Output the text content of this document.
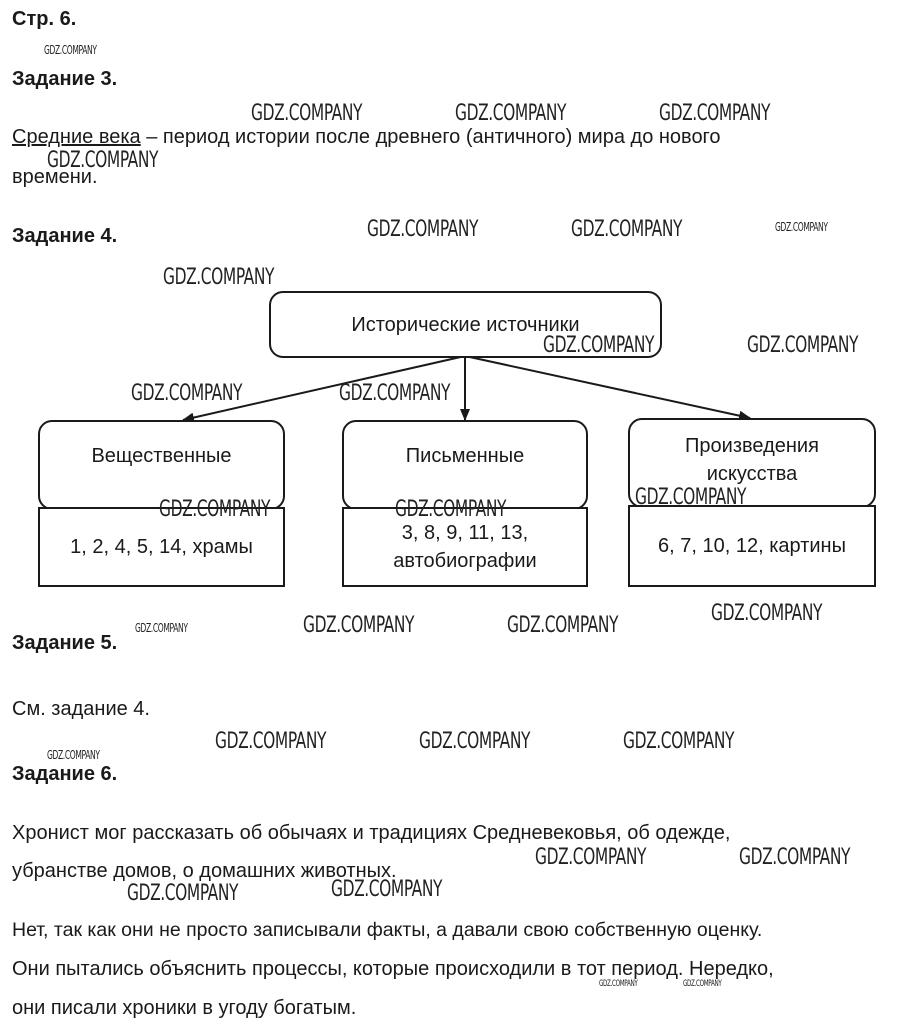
Стр. 6.
Задание 3.
Средние века – период истории после древнего (античного) мира до нового
времени.
Задание 4.
Исторические источники
Вещественные
1, 2, 4, 5, 14, храмы
Письменные
3, 8, 9, 11, 13,
автобиографии
Произведения
искусства
6, 7, 10, 12, картины
Задание 5.
См. задание 4.
Задание 6.
Хронист мог рассказать об обычаях и традициях Средневековья, об одежде,
убранстве домов, о домашних животных.
Нет, так как они не просто записывали факты, а давали свою собственную оценку.
Они пытались объяснить процессы, которые происходили в тот период. Нередко,
они писали хроники в угоду богатым.
GDZ.COMPANY
GDZ.COMPANY	GDZ.COMPANY	GDZ.COMPANY
GDZ.COMPANY
GDZ.COMPANY	GDZ.COMPANY	GDZ.COMPANY
GDZ.COMPANY
GDZ.COMPANY	GDZ.COMPANY
GDZ.COMPANY	GDZ.COMPANY
GDZ.COMPANY	GDZ.COMPANY	GDZ.COMPANY
GDZ.COMPANY
GDZ.COMPANY	GDZ.COMPANY	GDZ.COMPANY
GDZ.COMPANY	GDZ.COMPANY	GDZ.COMPANY
GDZ.COMPANY
GDZ.COMPANY	GDZ.COMPANY
GDZ.COMPANY	GDZ.COMPANY
GDZ.COMPANY	GDZ.COMPANY
